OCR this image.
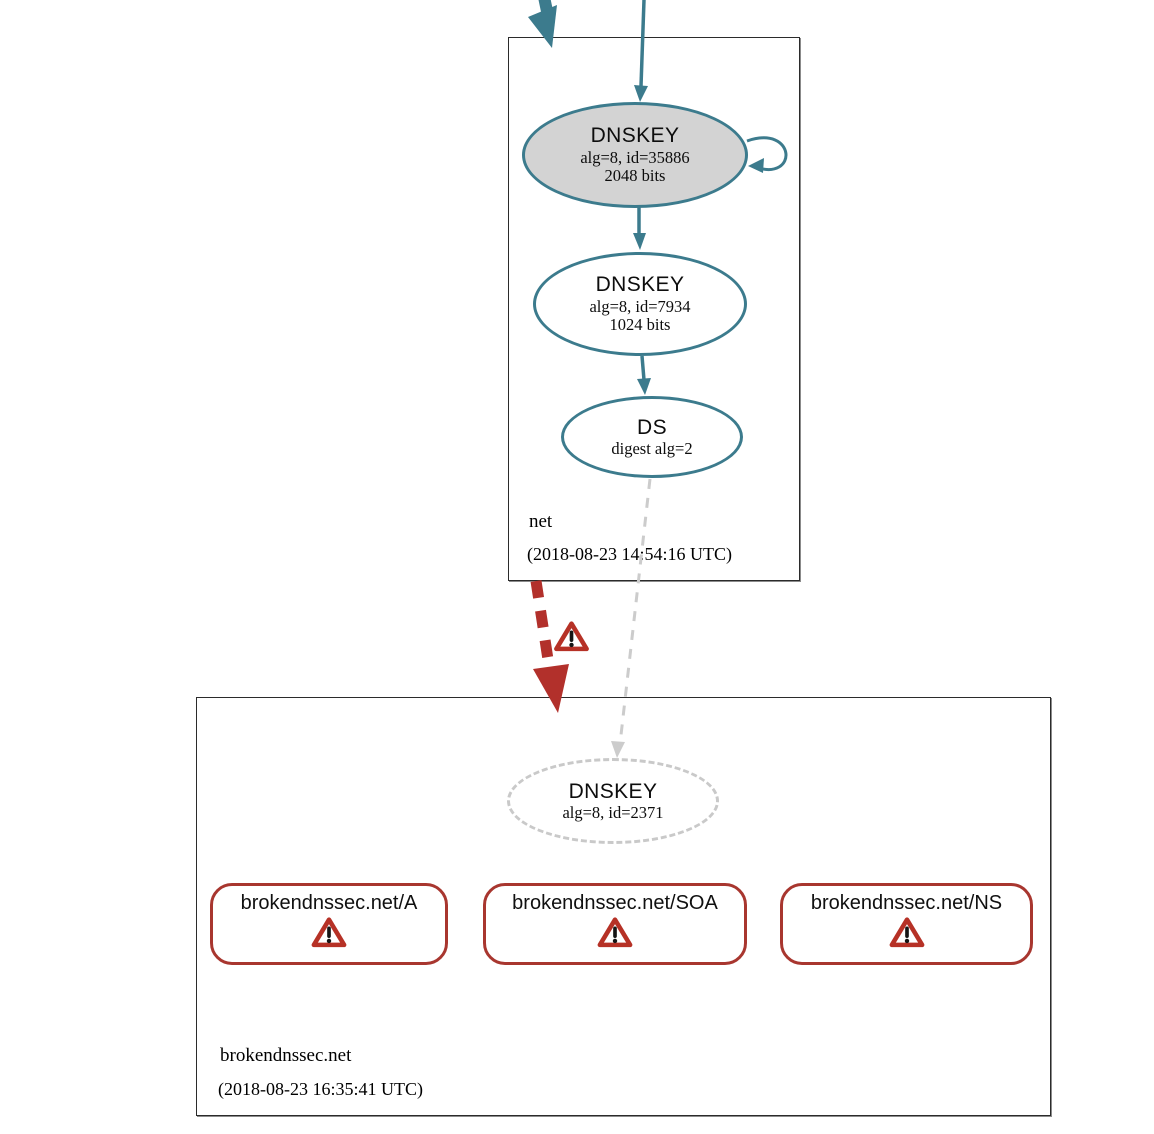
net
(2018-08-23 14:54:16 UTC)
brokendnssec.net
(2018-08-23 16:35:41 UTC)
DNSKEY
alg=8, id=35886
2048 bits
DNSKEY
alg=8, id=7934
1024 bits
DS
digest alg=2
DNSKEY
alg=8, id=2371
brokendnssec.net/A	brokendnssec.net/SOA	brokendnssec.net/NS
